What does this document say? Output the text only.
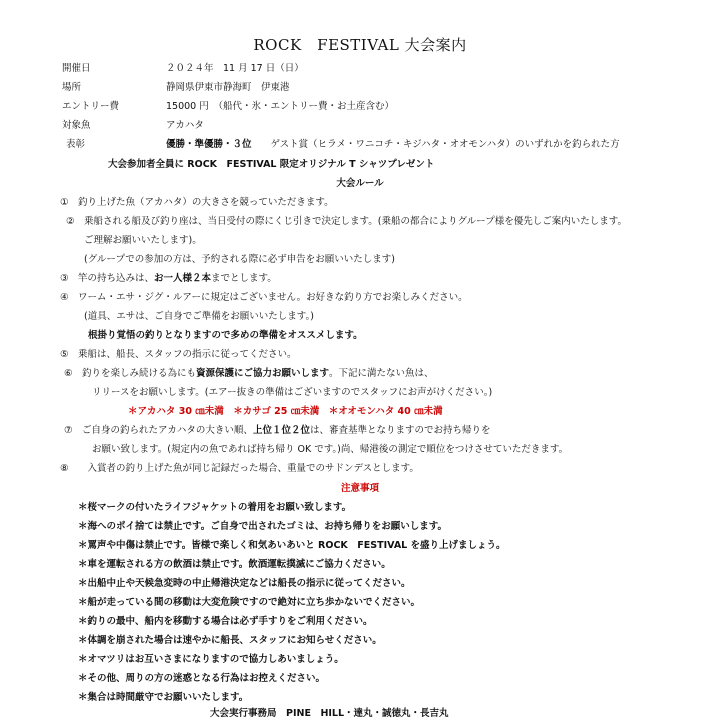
ROCK　FESTIVAL 大会案内
開催日	２０２４年　11 月 17 日（日）
場所	静岡県伊東市静海町　伊東港
エントリー費	15000 円　（船代・氷・エントリー費・お土産含む）
対象魚	アカハタ
表彰	優勝・準優勝・３位　　 ゲスト賞（ヒラメ・ワニコチ・キジハタ・オオモンハタ）のいずれかを釣られた方
大会参加者全員に ROCK　FESTIVAL 限定オリジナル T シャツプレゼント
大会ルール
①　釣り上げた魚（アカハタ）の大きさを競っていただきます。
②　乗船される船及び釣り座は、当日受付の際にくじ引きで決定します。(乗船の都合によりグループ様を優先しご案内いたします。
ご理解お願いいたします)。
(グループでの参加の方は、予約される際に必ず申告をお願いいたします)
③　竿の持ち込みは、お一人様２本までとします。
④　ワーム・エサ・ジグ・ルアーに規定はございません。お好きな釣り方でお楽しみください。
(道具、エサは、ご自身でご準備をお願いいたします。)
根掛り覚悟の釣りとなりますので多めの準備をオススメします。
⑤　乗船は、船長、スタッフの指示に従ってください。
⑥　釣りを楽しみ続ける為にも資源保護にご協力お願いします。下記に満たない魚は、
リリースをお願いします。(エアー抜きの準備はございますのでスタッフにお声がけください。)
＊アカハタ 30 ㎝未満　＊カサゴ 25 ㎝未満　＊オオモンハタ 40 ㎝未満
⑦　ご自身の釣られたアカハタの大きい順、上位１位２位は、審査基準となりますのでお持ち帰りを
お願い致します。(規定内の魚であれば持ち帰り OK です。)尚、帰港後の測定で順位をつけさせていただきます。
⑧　　入賞者の釣り上げた魚が同じ記録だった場合、重量でのサドンデスとします。
注意事項
＊桜マークの付いたライフジャケットの着用をお願い致します。
＊海へのポイ捨ては禁止です。ご自身で出されたゴミは、お持ち帰りをお願いします。
＊罵声や中傷は禁止です。皆様で楽しく和気あいあいと ROCK　FESTIVAL を盛り上げましょう。
＊車を運転される方の飲酒は禁止です。飲酒運転撲滅にご協力ください。
＊出船中止や天候急変時の中止帰港決定などは船長の指示に従ってください。
＊船が走っている間の移動は大変危険ですので絶対に立ち歩かないでください。
＊釣りの最中、船内を移動する場合は必ず手すりをご利用ください。
＊体調を崩された場合は速やかに船長、スタッフにお知らせください。
＊オマツリはお互いさまになりますので協力しあいましょう。
＊その他、周りの方の迷惑となる行為はお控えください。
＊集合は時間厳守でお願いいたします。
大会実行事務局　PINE　HILL・達丸・誠徳丸・長吉丸
